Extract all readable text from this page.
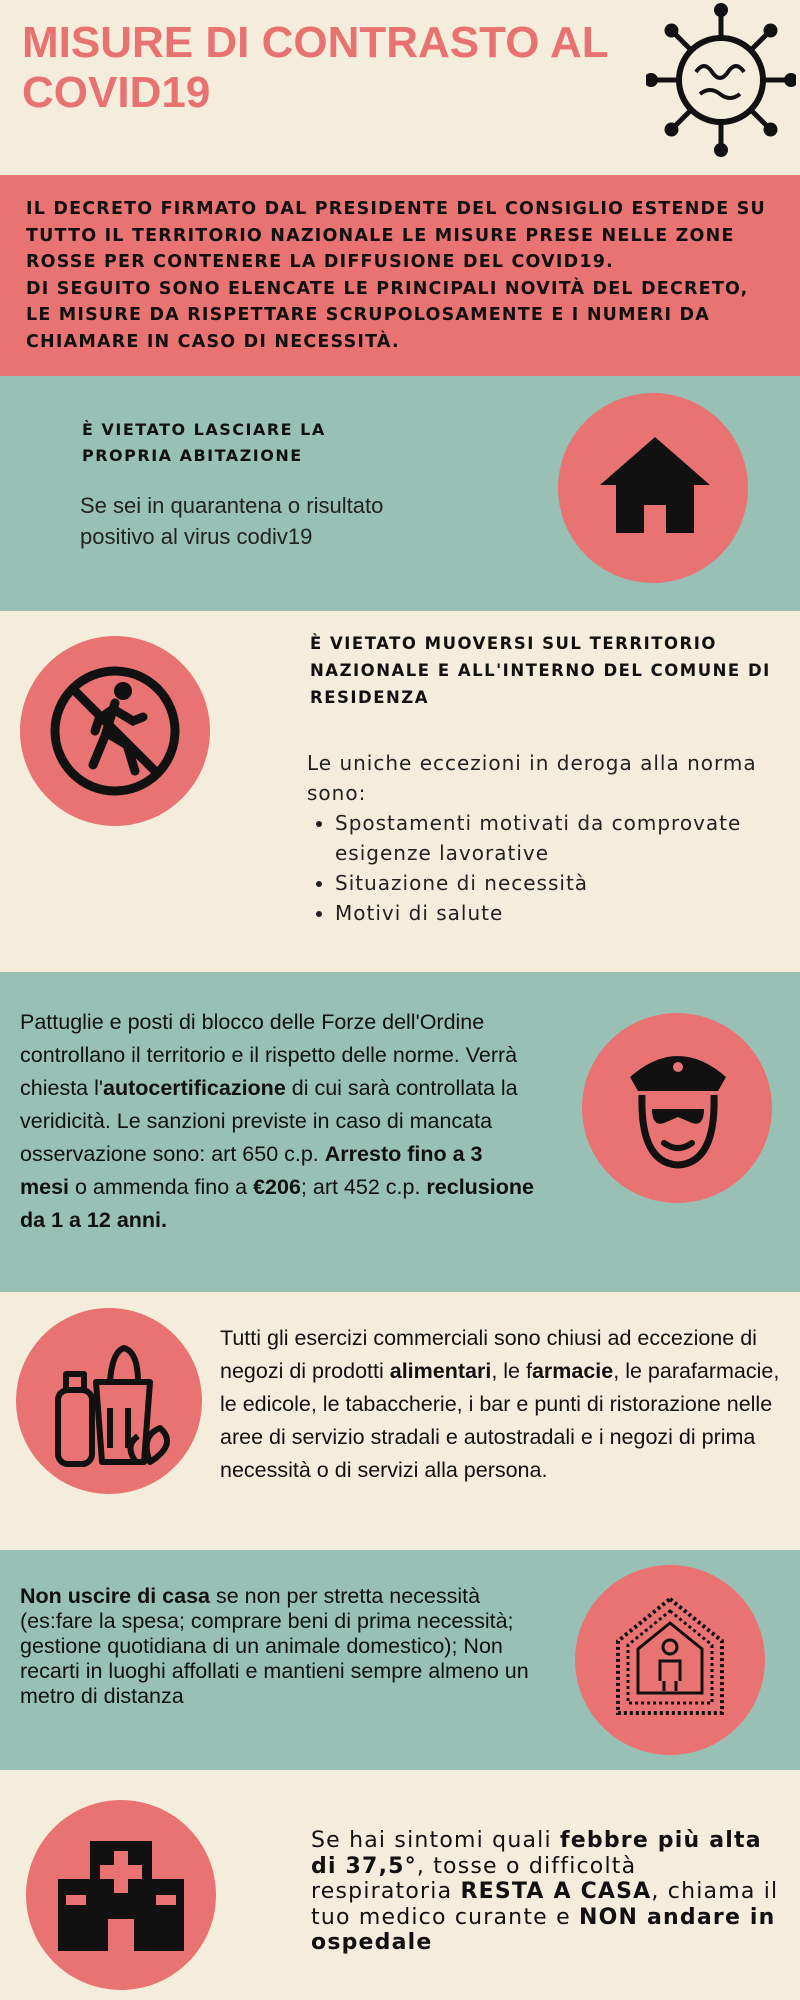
MISURE DI CONTRASTO AL COVID19

IL DECRETO FIRMATO DAL PRESIDENTE DEL CONSIGLIO ESTENDE SU TUTTO IL TERRITORIO NAZIONALE LE MISURE PRESE NELLE ZONE ROSSE PER CONTENERE LA DIFFUSIONE DEL COVID19.

DI SEGUITO SONO ELENCATE LE PRINCIPALI NOVITÀ DEL DECRETO, LE MISURE DA RISPETTARE SCRUPOLOSAMENTE E I NUMERI DA CHIAMARE IN CASO DI NECESSITÀ.

È VIETATO LASCIARE LA PROPRIA ABITAZIONE
Se sei in quarantena o risultato positivo al virus codiv19
È VIETATO MUOVERSI SUL TERRITORIO NAZIONALE E ALL'INTERNO DEL COMUNE DI RESIDENZA
Le uniche eccezioni in deroga alla norma sono:
• Spostamenti motivati da comprovate esigenze lavorative
• Situazione di necessità
• Motivi di salute
Pattuglie e posti di blocco delle Forze dell'Ordine controllano il territorio e il rispetto delle norme. Verrà chiesta l'autocertificazione di cui sarà controllata la veridicità. Le sanzioni previste in caso di mancata osservazione sono: art 650 c.p. Arresto fino a 3 mesi o ammenda fino a €206; art 452 c.p. reclusione da 1 a 12 anni.
Tutti gli esercizi commerciali sono chiusi ad eccezione di negozi di prodotti alimentari, le farmacie, le parafarmacie, le edicole, le tabaccherie, i bar e punti di ristorazione nelle aree di servizio stradali e autostradali e i negozi di prima necessità o di servizi alla persona.
Non uscire di casa se non per stretta necessità (es:fare la spesa; comprare beni di prima necessità; gestione quotidiana di un animale domestico); Non recarti in luoghi affollati e mantieni sempre almeno un metro di distanza
Se hai sintomi quali febbre più alta di 37,5°, tosse o difficoltà respiratoria RESTA A CASA, chiama il tuo medico curante e NON andare in ospedale
